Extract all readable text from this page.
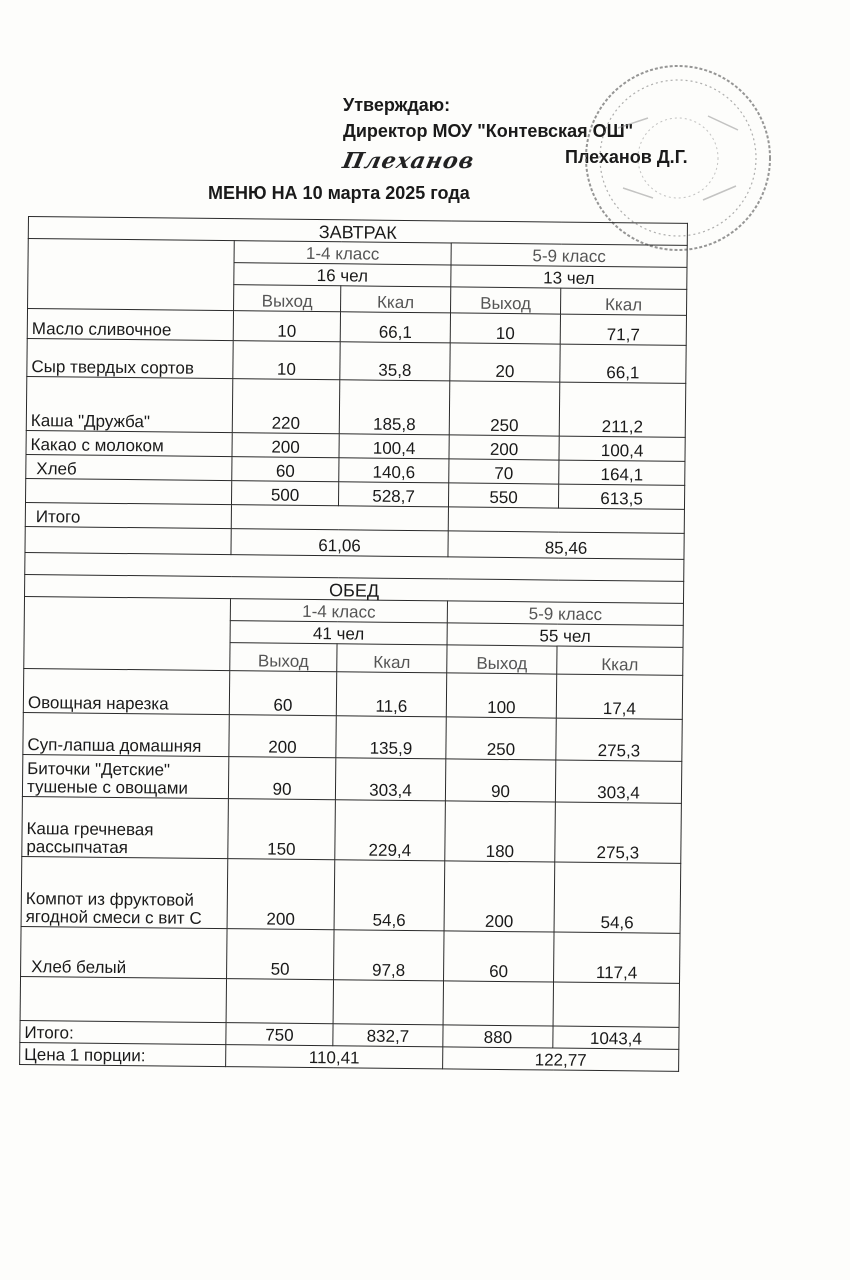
Утверждаю:
Директор МОУ "Контевская ОШ"
Плеханов	Плеханов Д.Г.
МЕНЮ НА 10 марта 2025 года
ЗАВТРАК				
	1-4 класс		5-9 класс	
	16 чел		13 чел	
	Выход	Ккал	Выход	Ккал
Масло сливочное	10	66,1	10	71,7
Сыр твердых сортов	10	35,8	20	66,1
Каша "Дружба"	220	185,8	250	211,2
Какао с молоком	200	100,4	200	100,4
Хлеб	60	140,6	70	164,1
	500	528,7	550	613,5
Итого				
	61,06		85,46	

ОБЕД				
	1-4 класс		5-9 класс	
	41 чел		55 чел	
	Выход	Ккал	Выход	Ккал
Овощная нарезка	60	11,6	100	17,4
Суп-лапша домашняя	200	135,9	250	275,3
Биточки "Детские" тушеные с овощами	90	303,4	90	303,4
Каша гречневая рассыпчатая	150	229,4	180	275,3
Компот из фруктовой ягодной смеси с вит С	200	54,6	200	54,6
Хлеб белый	50	97,8	60	117,4

Итого:	750	832,7	880	1043,4
Цена 1 порции:	110,41		122,77	
